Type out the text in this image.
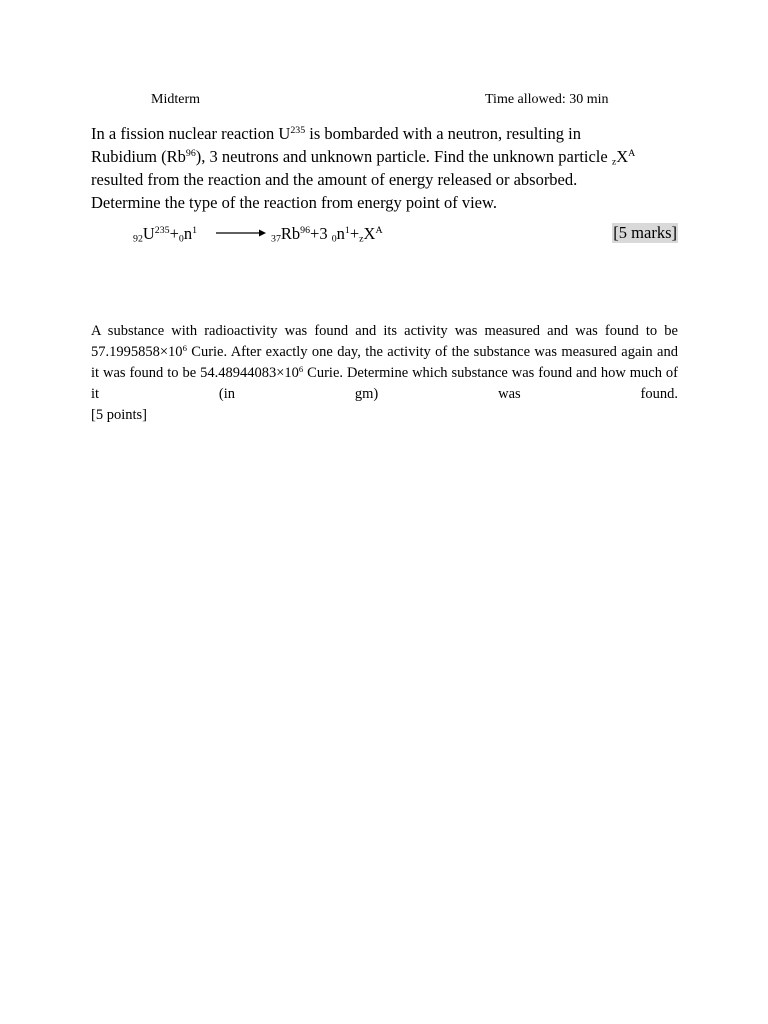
Midterm	Time allowed: 30 min
In a fission nuclear reaction $U^{235}$ is bombarded with a neutron, resulting in Rubidium (Rb$^{96}$), 3 neutrons and unknown particle. Find the unknown particle $_zX^A$ resulted from the reaction and the amount of energy released or absorbed. Determine the type of the reaction from energy point of view.
$_{92}U^{235}+_0n^1$ →
$_{37}Rb^{96}+3$ $_0n^1+_zX^A$	[5 marks]
A substance with radioactivity was found and its activity was measured and was found to be $57.1995858\times 10^6$ Curie. After exactly one day, the activity of the substance was measured again and it was found to be $54.48944083\times 10^6$ Curie. Determine which substance was found and how much of it (in gm) was found.
[5 points]
